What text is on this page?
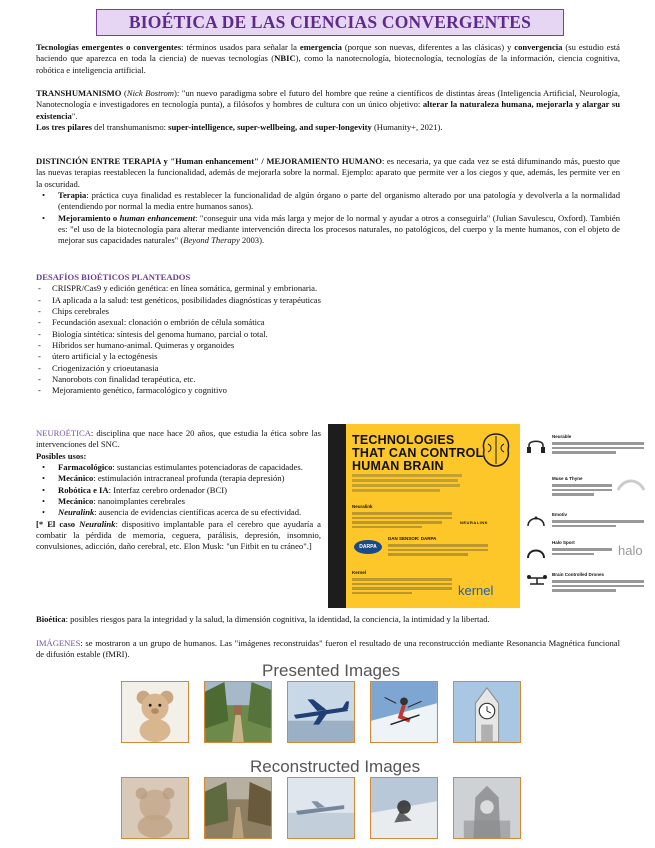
BIOÉTICA DE LAS CIENCIAS CONVERGENTES
Tecnologías emergentes o convergentes: términos usados para señalar la emergencia (porque son nuevas, diferentes a las clásicas) y convergencia (su estudio está haciendo que aparezca en toda la ciencia) de nuevas tecnologías (NBIC), como la nanotecnología, biotecnología, tecnologías de la información, ciencia cognitiva, robótica e inteligencia artificial.
TRANSHUMANISMO (Nick Bostrom): "un nuevo paradigma sobre el futuro del hombre que reúne a científicos de distintas áreas (Inteligencia Artificial, Neurología, Nanotecnología e investigadores en tecnología punta), a filósofos y hombres de cultura con un único objetivo: alterar la naturaleza humana, mejorarla y alargar su existencia".
Los tres pilares del transhumanismo: super-intelligence, super-wellbeing, and super-longevity (Humanity+, 2021).
DISTINCIÓN ENTRE TERAPIA y "Human enhancement" / MEJORAMIENTO HUMANO: es necesaria, ya que cada vez se está difuminando más, puesto que las nuevas terapias reestablecen la funcionalidad, además de mejorarla sobre la normal. Ejemplo: aparato que permite ver a los ciegos y que, además, les permite ver en la oscuridad.
• Terapia: práctica cuya finalidad es restablecer la funcionalidad de algún órgano o parte del organismo alterado por una patología y devolverla a la normalidad (entendiendo por normal la media entre humanos sanos).
• Mejoramiento o human enhancement: "conseguir una vida más larga y mejor de lo normal y ayudar a otros a conseguirla" (Julian Savulescu, Oxford). También es: "el uso de la biotecnología para alterar mediante intervención directa los procesos naturales, no patológicos, del cuerpo y la mente humanos, con el objeto de mejorar sus capacidades naturales" (Beyond Therapy 2003).
DESAFÍOS BIOÉTICOS PLANTEADOS
- CRISPR/Cas9 y edición genética: en línea somática, germinal y embrionaria.
- IA aplicada a la salud: test genéticos, posibilidades diagnósticas y terapéuticas
- Chips cerebrales
- Fecundación asexual: clonación o embrión de célula somática
- Biología sintética: síntesis del genoma humano, parcial o total.
- Híbridos ser humano-animal. Quimeras y organoides
- útero artificial y la ectogénesis
- Criogenización y crioeutanasia
- Nanorobots con finalidad terapéutica, etc.
- Mejoramiento genético, farmacológico y cognitivo
NEUROÉTICA: disciplina que nace hace 20 años, que estudia la ética sobre las intervenciones del SNC.
Posibles usos:
• Farmacológico: sustancias estimulantes potenciadoras de capacidades.
• Mecánico: estimulación intracraneal profunda (terapia depresión)
• Robótica e IA: Interfaz cerebro ordenador (BCI)
• Mecánico: nanoimplantes cerebrales
• Neuralink: ausencia de evidencias científicas acerca de su efectividad.
[* El caso Neuralink: dispositivo implantable para el cerebro que ayudaría a combatir la pérdida de memoria, ceguera, parálisis, depresión, insomnio, convulsiones, adicción, daño cerebral, etc. Elon Musk: "un Fitbit en tu cráneo".]
TECHNOLOGIES
THAT CAN CONTROL
HUMAN BRAIN
Neuralink
NEURALINK
DAN SENSOR: DARPA
DARPA
Kernel
kernel
Neurable
Muse & Thyne
Emotiv
Halo Sport
halo
Brain Controlled Drones
Bioética: posibles riesgos para la integridad y la salud, la dimensión cognitiva, la identidad, la conciencia, la intimidad y la libertad.
IMÁGENES: se mostraron a un grupo de humanos. Las "imágenes reconstruidas" fueron el resultado de una reconstrucción mediante Resonancia Magnética funcional de difusión estable (fMRI).
Presented Images
Reconstructed Images
